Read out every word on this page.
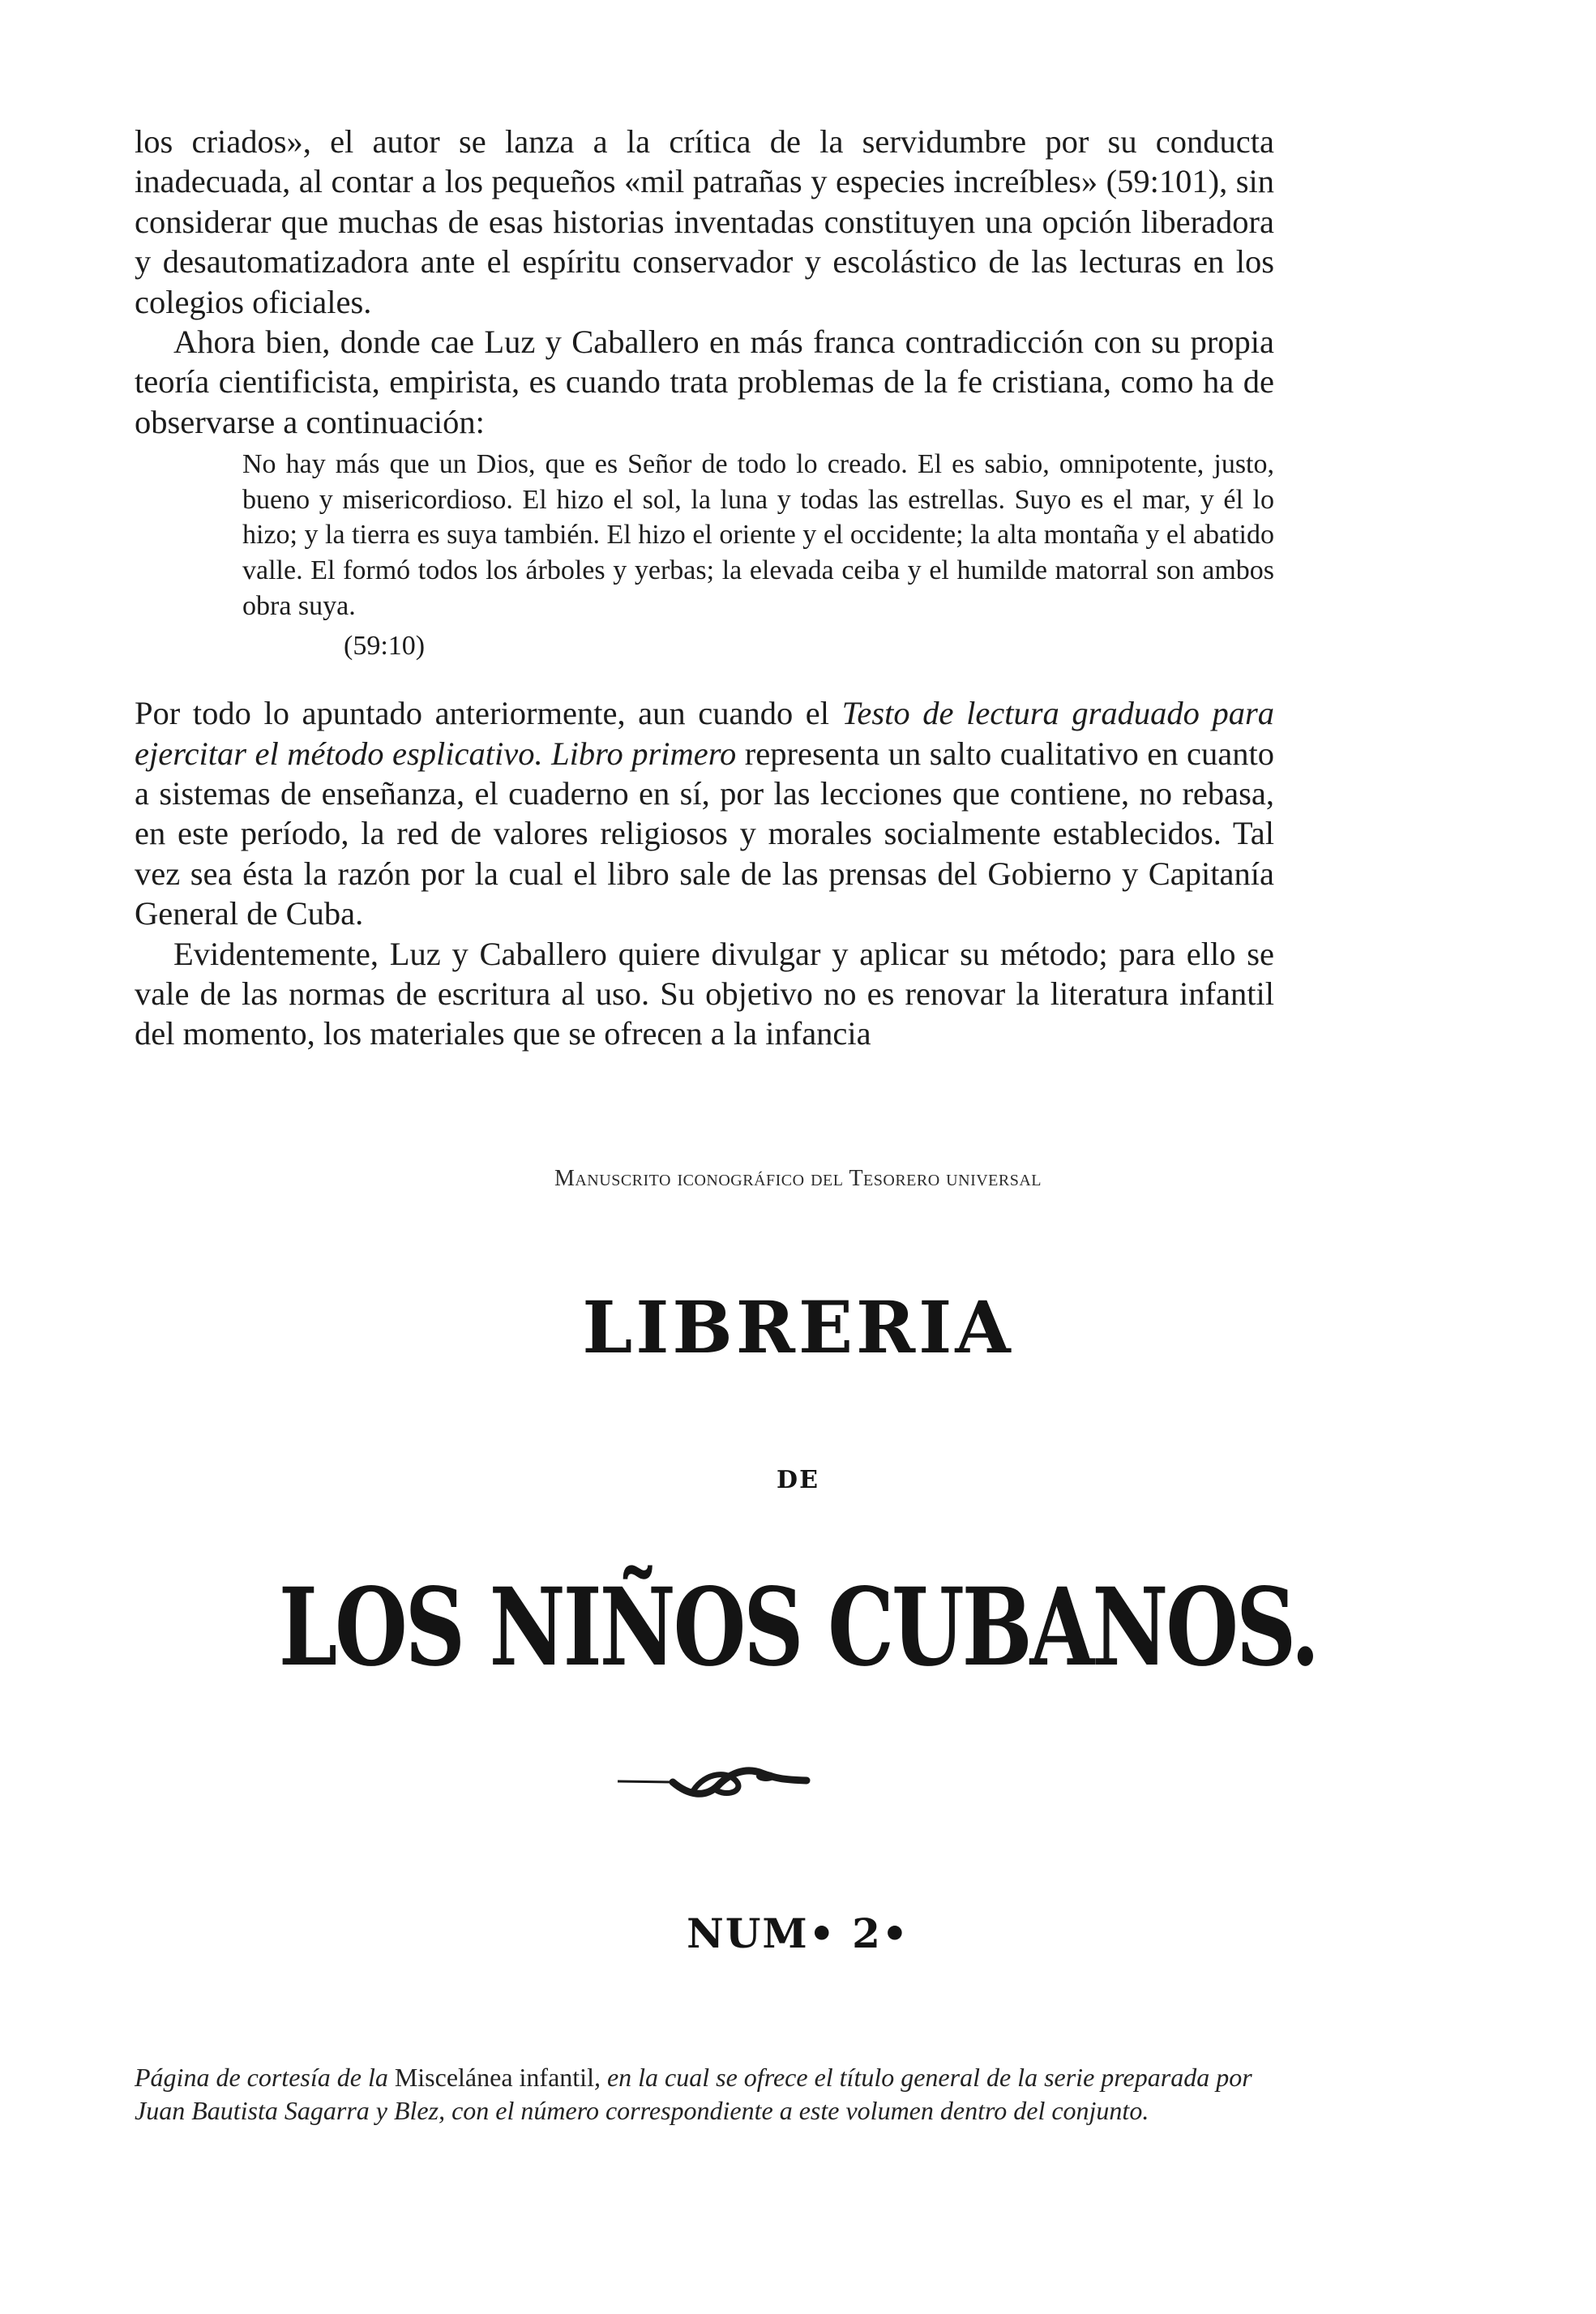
los criados», el autor se lanza a la crítica de la servidumbre por su conducta inadecuada, al contar a los pequeños «mil patrañas y especies increíbles» (59:101), sin considerar que muchas de esas historias inventadas constituyen una opción liberadora y desautomatizadora ante el espíritu conservador y escolástico de las lecturas en los colegios oficiales.

Ahora bien, donde cae Luz y Caballero en más franca contradicción con su propia teoría cientificista, empirista, es cuando trata problemas de la fe cristiana, como ha de observarse a continuación:

No hay más que un Dios, que es Señor de todo lo creado. El es sabio, omnipotente, justo, bueno y misericordioso. El hizo el sol, la luna y todas las estrellas. Suyo es el mar, y él lo hizo; y la tierra es suya también. El hizo el oriente y el occidente; la alta montaña y el abatido valle. El formó todos los árboles y yerbas; la elevada ceiba y el humilde matorral son ambos obra suya.

(59:10)

Por todo lo apuntado anteriormente, aun cuando el Testo de lectura graduado para ejercitar el método esplicativo. Libro primero representa un salto cualitativo en cuanto a sistemas de enseñanza, el cuaderno en sí, por las lecciones que contiene, no rebasa, en este período, la red de valores religiosos y morales socialmente establecidos. Tal vez sea ésta la razón por la cual el libro sale de las prensas del Gobierno y Capitanía General de Cuba.

Evidentemente, Luz y Caballero quiere divulgar y aplicar su método; para ello se vale de las normas de escritura al uso. Su objetivo no es renovar la literatura infantil del momento, los materiales que se ofrecen a la infancia

Manuscrito iconográfico del Tesorero universal
LIBRERIA
DE
LOS NIÑOS CUBANOS.
NUM• 2•

Página de cortesía de la Miscelánea infantil, en la cual se ofrece el título general de la serie preparada por Juan Bautista Sagarra y Blez, con el número correspondiente a este volumen dentro del conjunto.
